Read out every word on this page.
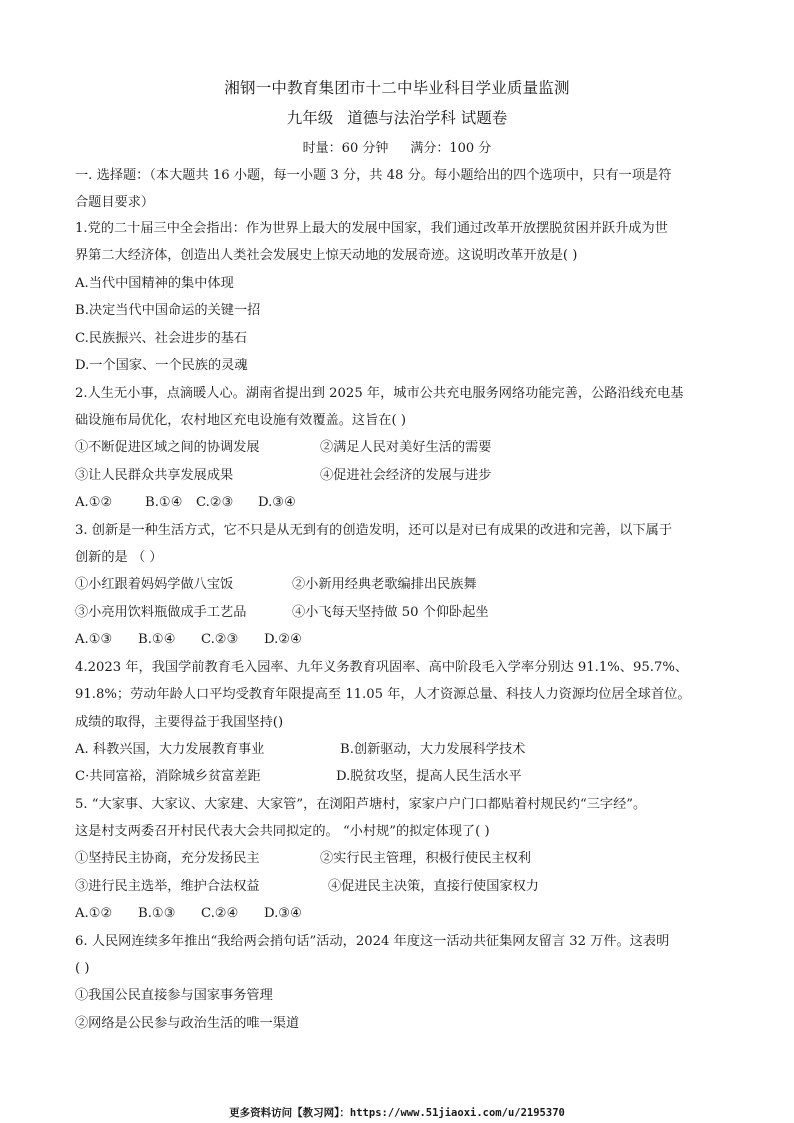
湘钢一中教育集团市十二中毕业科目学业质量监测
九年级 道德与法治学科 试题卷
时量：60 分钟 满分：100 分
一. 选择题：（本大题共 16 小题，每一小题 3 分，共 48 分。每小题给出的四个选项中，只有一项是符
合题目要求）
1.党的二十届三中全会指出：作为世界上最大的发展中国家，我们通过改革开放摆脱贫困并跃升成为世
界第二大经济体，创造出人类社会发展史上惊天动地的发展奇迹。这说明改革开放是( )
A.当代中国精神的集中体现
B.决定当代中国命运的关键一招
C.民族振兴、社会进步的基石
D.一个国家、一个民族的灵魂
2.人生无小事，点滴暖人心。湖南省提出到 2025 年，城市公共充电服务网络功能完善，公路沿线充电基
础设施布局优化，农村地区充电设施有效覆盖。这旨在( )
①不断促进区域之间的协调发展	②满足人民对美好生活的需要
③让人民群众共享发展成果	④促进社会经济的发展与进步
A.①② B.①④ C.②③ D.③④
3. 创新是一种生活方式，它不只是从无到有的创造发明，还可以是对已有成果的改进和完善，以下属于
创新的是 （ ）
①小红跟着妈妈学做八宝饭	②小新用经典老歌编排出民族舞
③小亮用饮料瓶做成手工艺品	④小飞每天坚持做 50 个仰卧起坐
A.①③ B.①④ C.②③ D.②④
4.2023 年，我国学前教育毛入园率、九年义务教育巩固率、高中阶段毛入学率分别达 91.1%、95.7%、
91.8%；劳动年龄人口平均受教育年限提高至 11.05 年，人才资源总量、科技人力资源均位居全球首位。
成绩的取得，主要得益于我国坚持()
A. 科教兴国，大力发展教育事业	B.创新驱动，大力发展科学技术
C·共同富裕，消除城乡贫富差距	D.脱贫攻坚，提高人民生活水平
5. “大家事、大家议、大家建、大家管”，在浏阳芦塘村，家家户户门口都贴着村规民约“三字经”。
这是村支两委召开村民代表大会共同拟定的。 “小村规”的拟定体现了( )
①坚持民主协商，充分发扬民主	②实行民主管理，积极行使民主权利
③进行民主选举，维护合法权益	④促进民主决策，直接行使国家权力
A.①② B.①③ C.②④ D.③④
6. 人民网连续多年推出“我给两会捎句话”活动，2024 年度这一活动共征集网友留言 32 万件。这表明
( )
①我国公民直接参与国家事务管理
②网络是公民参与政治生活的唯一渠道
更多资料访问【教习网】：https://www.51jiaoxi.com/u/2195370
